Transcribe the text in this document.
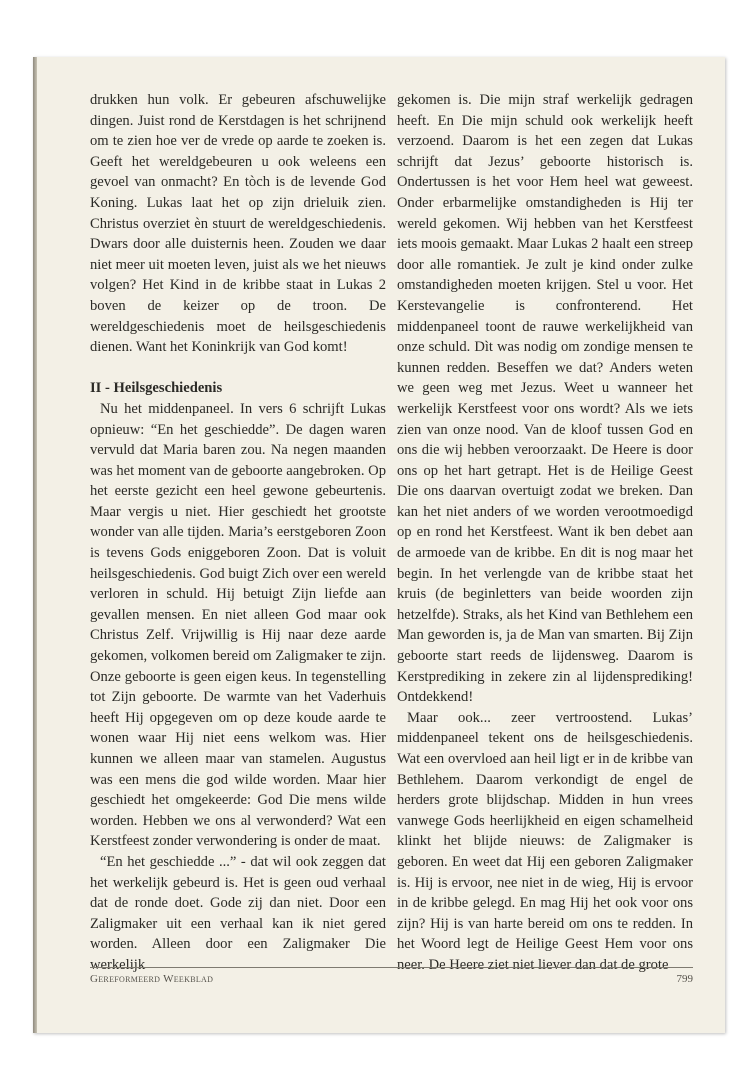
drukken hun volk. Er gebeuren afschuwelijke dingen. Juist rond de Kerstdagen is het schrijnend om te zien hoe ver de vrede op aarde te zoeken is. Geeft het wereldgebeuren u ook weleens een gevoel van onmacht? En tòch is de levende God Koning. Lukas laat het op zijn drieluik zien. Christus overziet èn stuurt de wereldgeschiedenis. Dwars door alle duisternis heen. Zouden we daar niet meer uit moeten leven, juist als we het nieuws volgen? Het Kind in de kribbe staat in Lukas 2 boven de keizer op de troon. De wereldgeschiedenis moet de heilsgeschiedenis dienen. Want het Koninkrijk van God komt!

II - Heilsgeschiedenis

Nu het middenpaneel. In vers 6 schrijft Lukas opnieuw: “En het geschiedde”. De dagen waren vervuld dat Maria baren zou. Na negen maanden was het moment van de geboorte aangebroken. Op het eerste gezicht een heel gewone gebeurtenis. Maar vergis u niet. Hier geschiedt het grootste wonder van alle tijden. Maria’s eerstgeboren Zoon is tevens Gods eniggeboren Zoon. Dat is voluit heilsgeschiedenis. God buigt Zich over een wereld verloren in schuld. Hij betuigt Zijn liefde aan gevallen mensen. En niet alleen God maar ook Christus Zelf. Vrijwillig is Hij naar deze aarde gekomen, volkomen bereid om Zaligmaker te zijn. Onze geboorte is geen eigen keus. In tegenstelling tot Zijn geboorte. De warmte van het Vaderhuis heeft Hij opgegeven om op deze koude aarde te wonen waar Hij niet eens welkom was. Hier kunnen we alleen maar van stamelen. Augustus was een mens die god wilde worden. Maar hier geschiedt het omgekeerde: God Die mens wilde worden. Hebben we ons al verwonderd? Wat een Kerstfeest zonder verwondering is onder de maat.

“En het geschiedde ...” - dat wil ook zeggen dat het werkelijk gebeurd is. Het is geen oud verhaal dat de ronde doet. Gode zij dan niet. Door een Zaligmaker uit een verhaal kan ik niet gered worden. Alleen door een Zaligmaker Die werkelijk

gekomen is. Die mijn straf werkelijk gedragen heeft. En Die mijn schuld ook werkelijk heeft verzoend. Daarom is het een zegen dat Lukas schrijft dat Jezus’ geboorte historisch is. Ondertussen is het voor Hem heel wat geweest. Onder erbarmelijke omstandigheden is Hij ter wereld gekomen. Wij hebben van het Kerstfeest iets moois gemaakt. Maar Lukas 2 haalt een streep door alle romantiek. Je zult je kind onder zulke omstandigheden moeten krijgen. Stel u voor. Het Kerstevangelie is confronterend. Het middenpaneel toont de rauwe werkelijkheid van onze schuld. Dìt was nodig om zondige mensen te kunnen redden. Beseffen we dat? Anders weten we geen weg met Jezus. Weet u wanneer het werkelijk Kerstfeest voor ons wordt? Als we iets zien van onze nood. Van de kloof tussen God en ons die wij hebben veroorzaakt. De Heere is door ons op het hart getrapt. Het is de Heilige Geest Die ons daarvan overtuigt zodat we breken. Dan kan het niet anders of we worden verootmoedigd op en rond het Kerstfeest. Want ik ben debet aan de armoede van de kribbe. En dit is nog maar het begin. In het verlengde van de kribbe staat het kruis (de beginletters van beide woorden zijn hetzelfde). Straks, als het Kind van Bethlehem een Man geworden is, ja de Man van smarten. Bij Zijn geboorte start reeds de lijdensweg. Daarom is Kerstprediking in zekere zin al lijdensprediking! Ontdekkend!

Maar ook... zeer vertroostend. Lukas’ middenpaneel tekent ons de heilsgeschiedenis. Wat een overvloed aan heil ligt er in de kribbe van Bethlehem. Daarom verkondigt de engel de herders grote blijdschap. Midden in hun vrees vanwege Gods heerlijkheid en eigen schamelheid klinkt het blijde nieuws: de Zaligmaker is geboren. En weet dat Hij een geboren Zaligmaker is. Hij is ervoor, nee niet in de wieg, Hij is ervoor in de kribbe gelegd. En mag Hij het ook voor ons zijn? Hij is van harte bereid om ons te redden. In het Woord legt de Heilige Geest Hem voor ons neer. De Heere ziet niet liever dan dat de grote

Gereformeerd Weekblad	799
